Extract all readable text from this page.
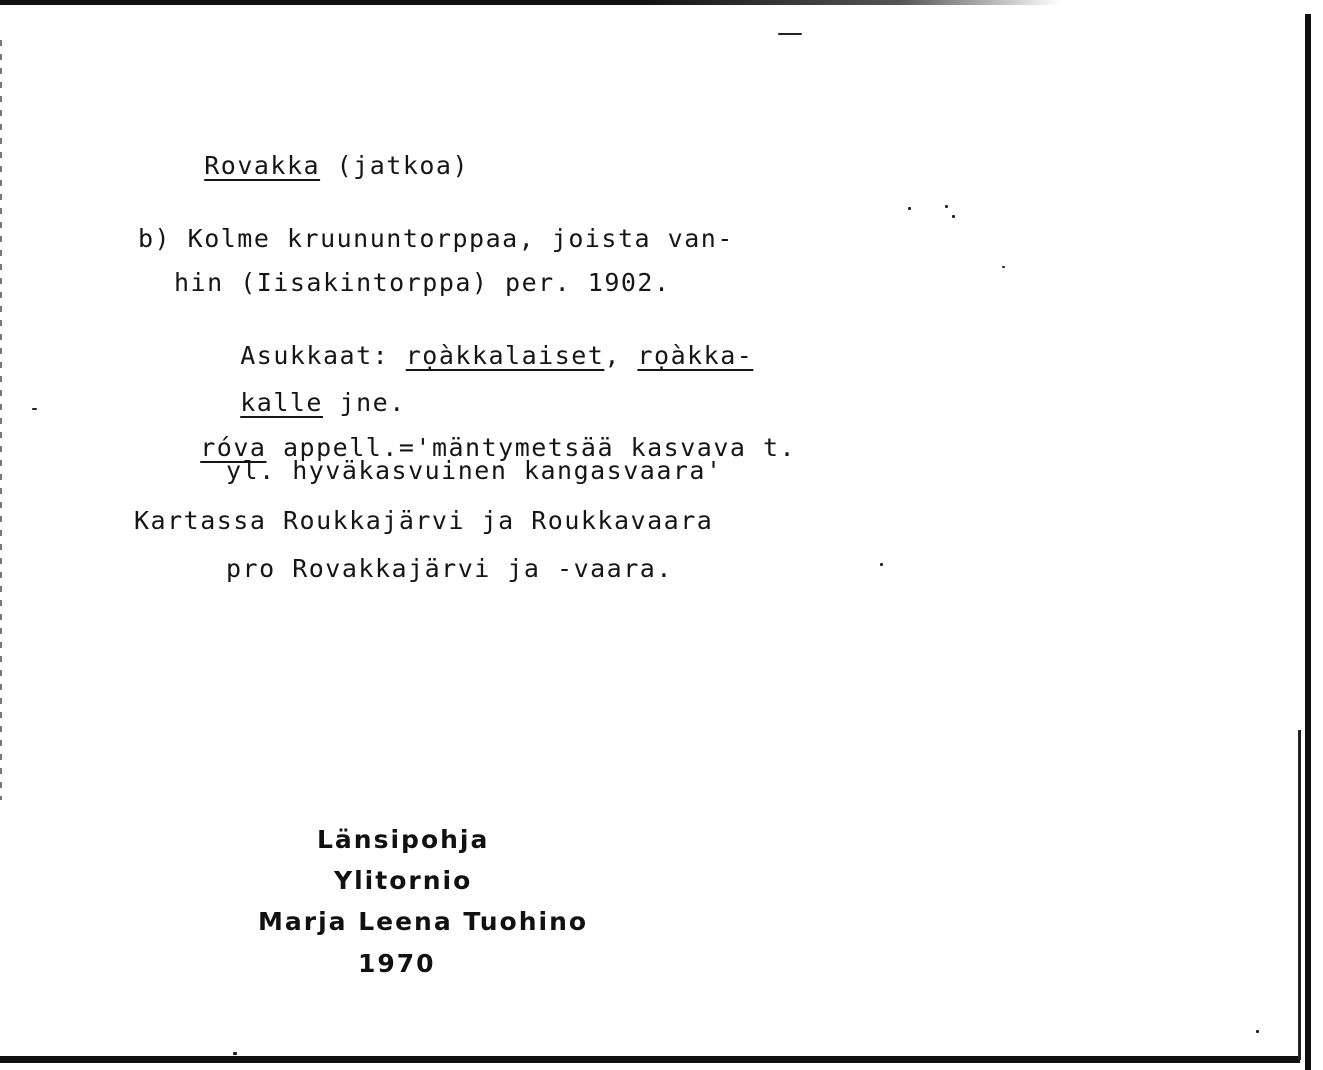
Rovakka (jatkoa)

b) Kolme kruununtorppaa, joista van-
hin (Iisakintorppa) per. 1902.

Asukkaat: rọàkkalaiset, rọàkka-

kalle jne.

róva appell.='mäntymetsää kasvava t.

yl. hyväkasvuinen kangasvaara'
Kartassa Roukkajärvi ja Roukkavaara
pro Rovakkajärvi ja -vaara.
Länsipohja
Ylitornio
Marja Leena Tuohino
1970
